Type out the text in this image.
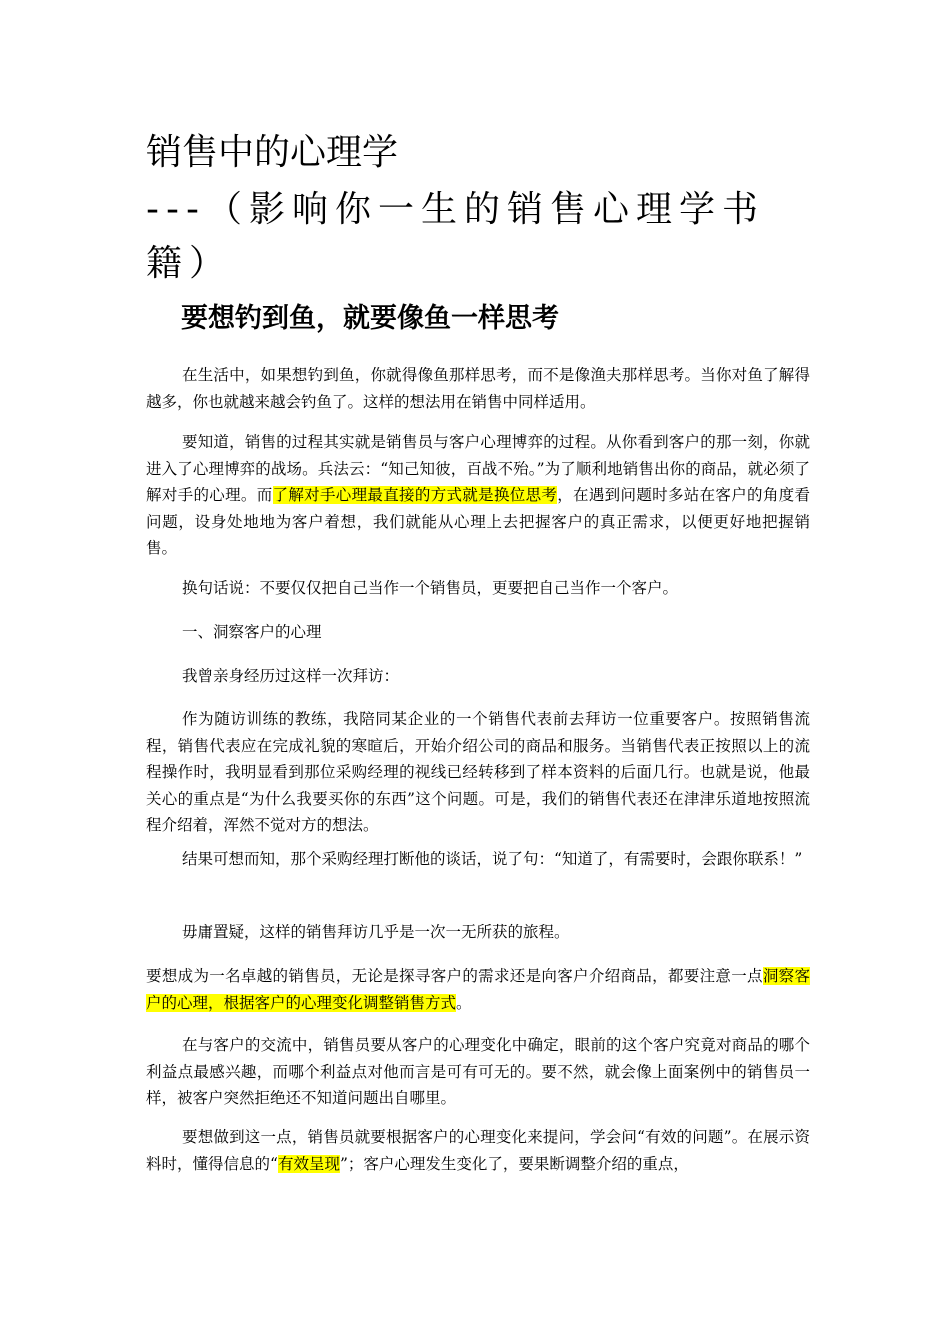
销售中的心理学
---（影响你一生的销售心理学书籍）
要想钓到鱼，就要像鱼一样思考

在生活中，如果想钓到鱼，你就得像鱼那样思考，而不是像渔夫那样思考。当你对鱼了解得越多，你也就越来越会钓鱼了。这样的想法用在销售中同样适用。

要知道，销售的过程其实就是销售员与客户心理博弈的过程。从你看到客户的那一刻，你就进入了心理博弈的战场。兵法云：“知己知彼，百战不殆。”为了顺利地销售出你的商品，就必须了解对手的心理。而了解对手心理最直接的方式就是换位思考，在遇到问题时多站在客户的角度看问题，设身处地地为客户着想，我们就能从心理上去把握客户的真正需求，以便更好地把握销售。

换句话说：不要仅仅把自己当作一个销售员，更要把自己当作一个客户。

一、洞察客户的心理

我曾亲身经历过这样一次拜访：

作为随访训练的教练，我陪同某企业的一个销售代表前去拜访一位重要客户。按照销售流程，销售代表应在完成礼貌的寒暄后，开始介绍公司的商品和服务。当销售代表正按照以上的流程操作时，我明显看到那位采购经理的视线已经转移到了样本资料的后面几行。也就是说，他最关心的重点是“为什么我要买你的东西”这个问题。可是，我们的销售代表还在津津乐道地按照流程介绍着，浑然不觉对方的想法。

结果可想而知，那个采购经理打断他的谈话，说了句：“知道了，有需要时，会跟你联系！”

毋庸置疑，这样的销售拜访几乎是一次一无所获的旅程。

要想成为一名卓越的销售员，无论是探寻客户的需求还是向客户介绍商品，都要注意一点洞察客户的心理，根据客户的心理变化调整销售方式。

在与客户的交流中，销售员要从客户的心理变化中确定，眼前的这个客户究竟对商品的哪个利益点最感兴趣，而哪个利益点对他而言是可有可无的。要不然，就会像上面案例中的销售员一样，被客户突然拒绝还不知道问题出自哪里。

要想做到这一点，销售员就要根据客户的心理变化来提问，学会问“有效的问题”。在展示资料时，懂得信息的“有效呈现”；客户心理发生变化了，要果断调整介绍的重点，
